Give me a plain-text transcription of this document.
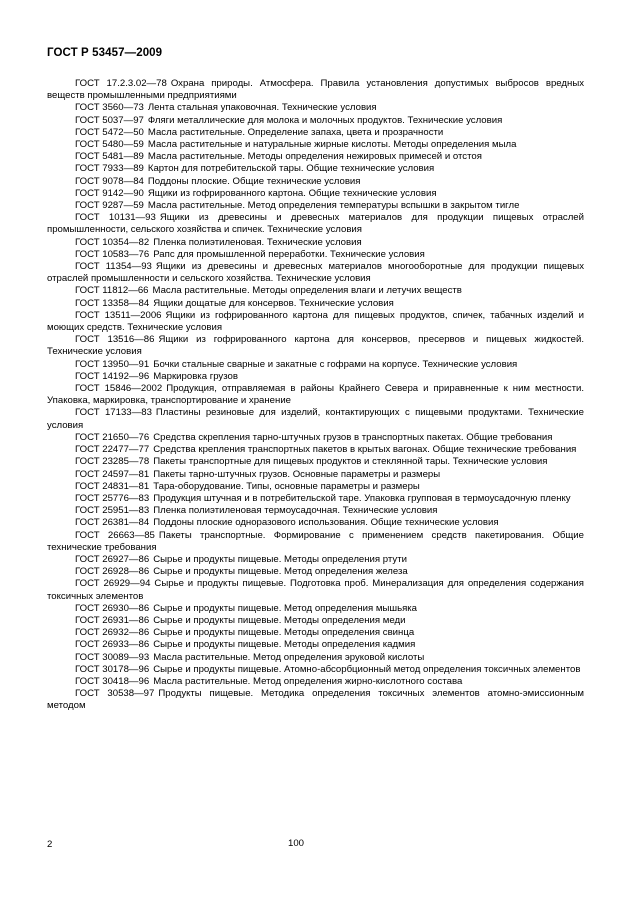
ГОСТ Р 53457—2009
ГОСТ 17.2.3.02—78 Охрана природы. Атмосфера. Правила установления допустимых выбросов вредных веществ промышленными предприятиями
ГОСТ 3560—73 Лента стальная упаковочная. Технические условия
ГОСТ 5037—97 Фляги металлические для молока и молочных продуктов. Технические условия
ГОСТ 5472—50 Масла растительные. Определение запаха, цвета и прозрачности
ГОСТ 5480—59 Масла растительные и натуральные жирные кислоты. Методы определения мыла
ГОСТ 5481—89 Масла растительные. Методы определения нежировых примесей и отстоя
ГОСТ 7933—89 Картон для потребительской тары. Общие технические условия
ГОСТ 9078—84 Поддоны плоские. Общие технические условия
ГОСТ 9142—90 Ящики из гофрированного картона. Общие технические условия
ГОСТ 9287—59 Масла растительные. Метод определения температуры вспышки в закрытом тигле
ГОСТ 10131—93 Ящики из древесины и древесных материалов для продукции пищевых отраслей промышленности, сельского хозяйства и спичек. Технические условия
ГОСТ 10354—82 Пленка полиэтиленовая. Технические условия
ГОСТ 10583—76 Рапс для промышленной переработки. Технические условия
ГОСТ 11354—93 Ящики из древесины и древесных материалов многооборотные для продукции пищевых отраслей промышленности и сельского хозяйства. Технические условия
ГОСТ 11812—66 Масла растительные. Методы определения влаги и летучих веществ
ГОСТ 13358—84 Ящики дощатые для консервов. Технические условия
ГОСТ 13511—2006 Ящики из гофрированного картона для пищевых продуктов, спичек, табачных изделий и моющих средств. Технические условия
ГОСТ 13516—86 Ящики из гофрированного картона для консервов, пресервов и пищевых жидкостей. Технические условия
ГОСТ 13950—91 Бочки стальные сварные и закатные с гофрами на корпусе. Технические условия
ГОСТ 14192—96 Маркировка грузов
ГОСТ 15846—2002 Продукция, отправляемая в районы Крайнего Севера и приравненные к ним местности. Упаковка, маркировка, транспортирование и хранение
ГОСТ 17133—83 Пластины резиновые для изделий, контактирующих с пищевыми продуктами. Технические условия
ГОСТ 21650—76 Средства скрепления тарно-штучных грузов в транспортных пакетах. Общие требования
ГОСТ 22477—77 Средства крепления транспортных пакетов в крытых вагонах. Общие технические требования
ГОСТ 23285—78 Пакеты транспортные для пищевых продуктов и стеклянной тары. Технические условия
ГОСТ 24597—81 Пакеты тарно-штучных грузов. Основные параметры и размеры
ГОСТ 24831—81 Тара-оборудование. Типы, основные параметры и размеры
ГОСТ 25776—83 Продукция штучная и в потребительской таре. Упаковка групповая в термоусадочную пленку
ГОСТ 25951—83 Пленка полиэтиленовая термоусадочная. Технические условия
ГОСТ 26381—84 Поддоны плоские одноразового использования. Общие технические условия
ГОСТ 26663—85 Пакеты транспортные. Формирование с применением средств пакетирования. Общие технические требования
ГОСТ 26927—86 Сырье и продукты пищевые. Методы определения ртути
ГОСТ 26928—86 Сырье и продукты пищевые. Метод определения железа
ГОСТ 26929—94 Сырье и продукты пищевые. Подготовка проб. Минерализация для определения содержания токсичных элементов
ГОСТ 26930—86 Сырье и продукты пищевые. Метод определения мышьяка
ГОСТ 26931—86 Сырье и продукты пищевые. Методы определения меди
ГОСТ 26932—86 Сырье и продукты пищевые. Методы определения свинца
ГОСТ 26933—86 Сырье и продукты пищевые. Методы определения кадмия
ГОСТ 30089—93 Масла растительные. Метод определения эруковой кислоты
ГОСТ 30178—96 Сырье и продукты пищевые. Атомно-абсорбционный метод определения токсичных элементов
ГОСТ 30418—96 Масла растительные. Метод определения жирно-кислотного состава
ГОСТ 30538—97 Продукты пищевые. Методика определения токсичных элементов атомно-эмиссионным методом
2	100
